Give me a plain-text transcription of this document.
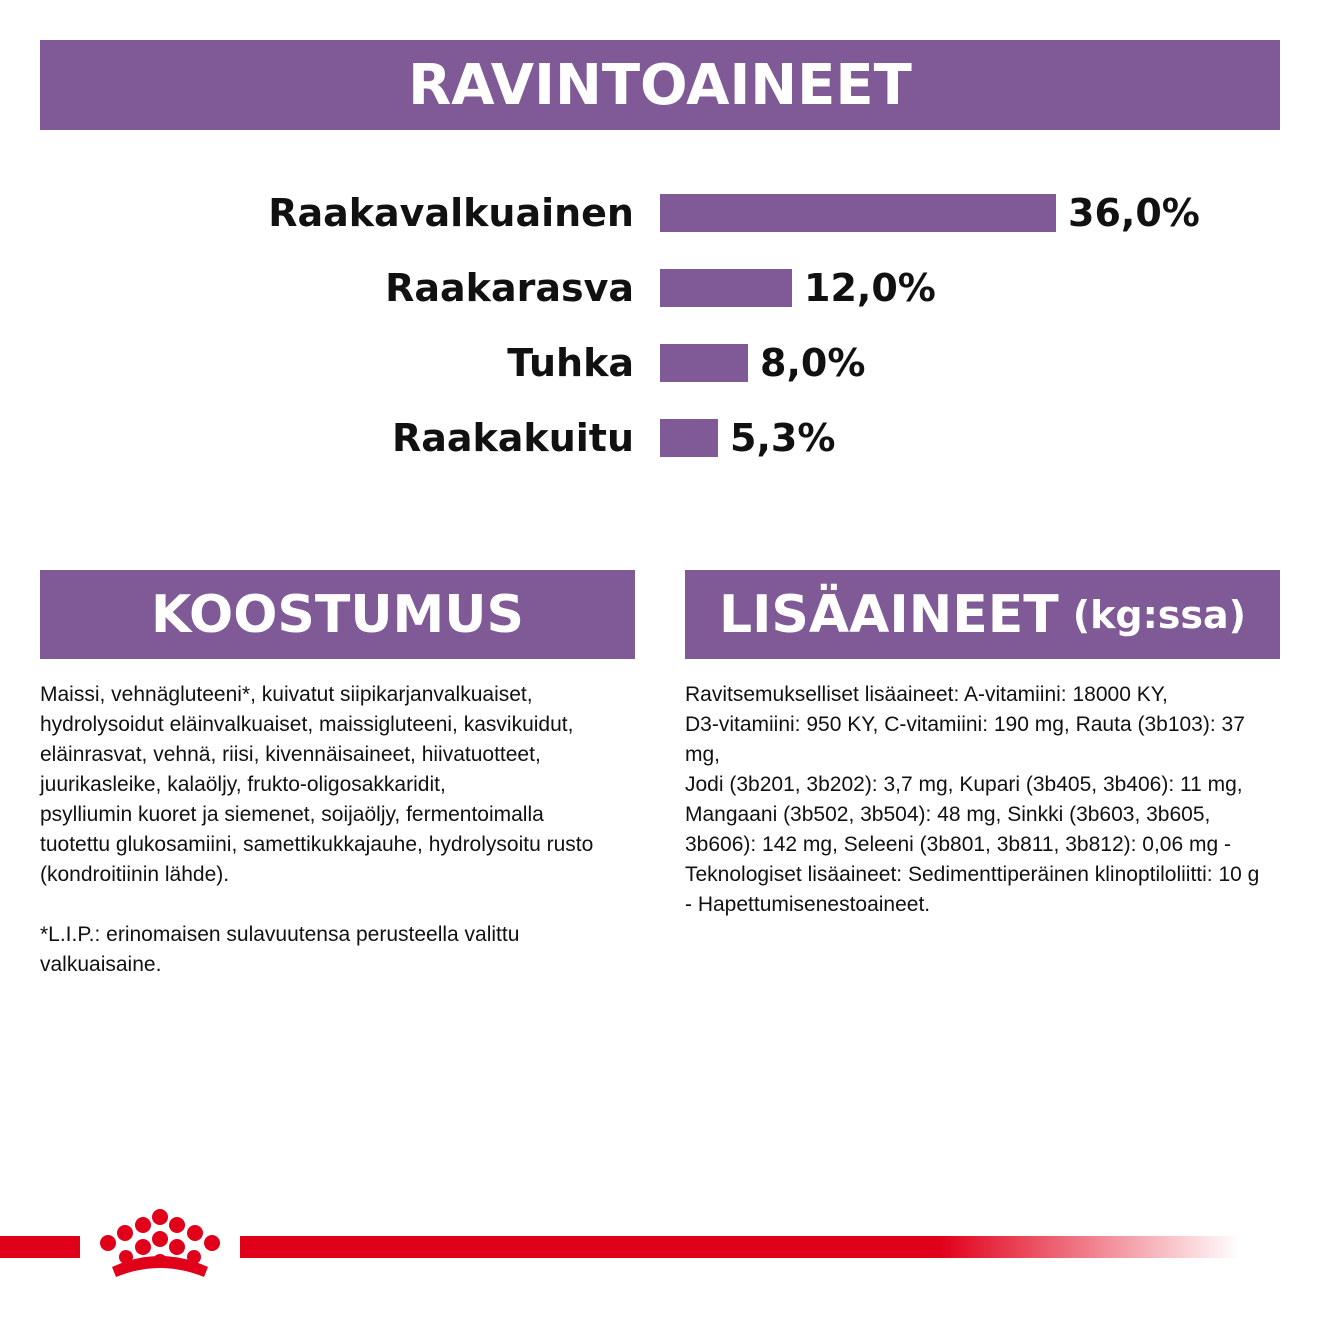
RAVINTOAINEET
Raakavalkuainen	36,0%
Raakarasva	12,0%
Tuhka	8,0%
Raakakuitu	5,3%
KOOSTUMUS	LISÄAINEET (kg:ssa)
Maissi, vehnägluteeni*, kuivatut siipikarjanvalkuaiset,
hydrolysoidut eläinvalkuaiset, maissigluteeni, kasvikuidut,
eläinrasvat, vehnä, riisi, kivennäisaineet, hiivatuotteet,
juurikasleike, kalaöljy, frukto-oligosakkaridit,
psylliumin kuoret ja siemenet, soijaöljy, fermentoimalla
tuotettu glukosamiini, samettikukkajauhe, hydrolysoitu rusto
(kondroitiinin lähde).
*L.I.P.: erinomaisen sulavuutensa perusteella valittu
valkuaisaine.
Ravitsemukselliset lisäaineet: A-vitamiini: 18000 KY,
D3-vitamiini: 950 KY, C-vitamiini: 190 mg, Rauta (3b103): 37 mg,
Jodi (3b201, 3b202): 3,7 mg, Kupari (3b405, 3b406): 11 mg,
Mangaani (3b502, 3b504): 48 mg, Sinkki (3b603, 3b605,
3b606): 142 mg, Seleeni (3b801, 3b811, 3b812): 0,06 mg -
Teknologiset lisäaineet: Sedimenttiperäinen klinoptiloliitti: 10 g
- Hapettumisenestoaineet.
